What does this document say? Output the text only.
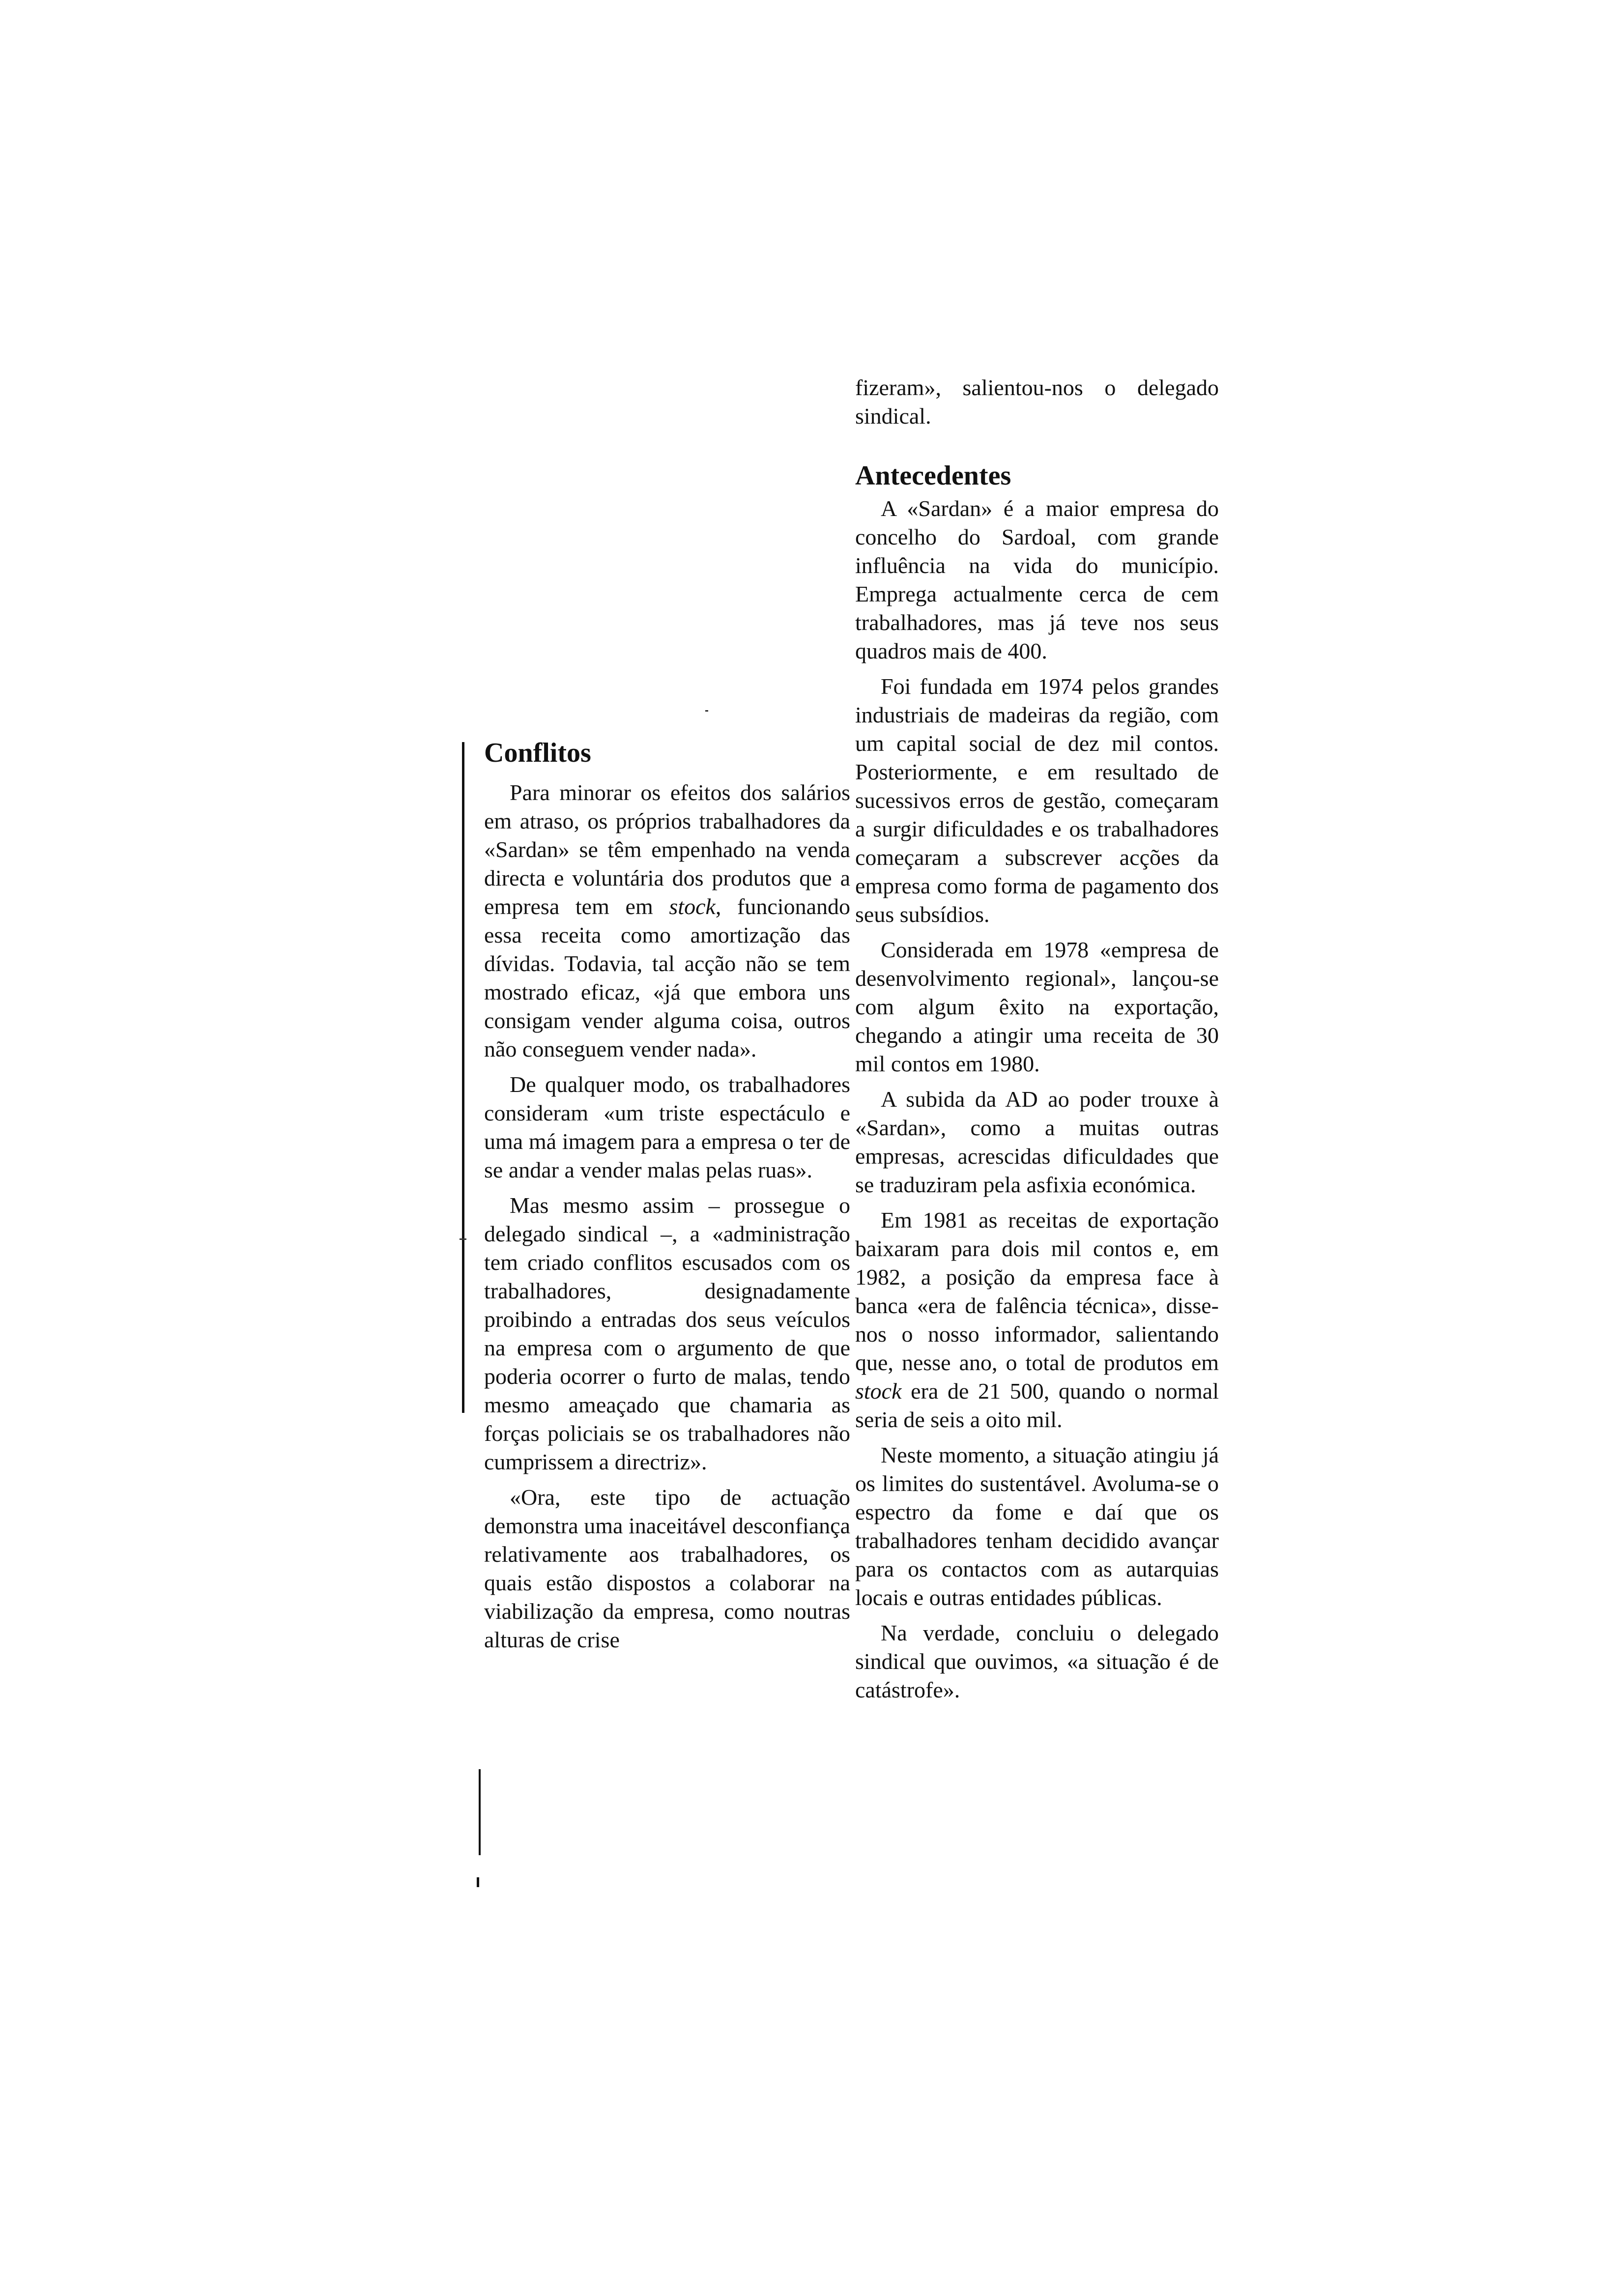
Conflitos

Para minorar os efeitos dos salários em atraso, os próprios trabalhadores da «Sardan» se têm empenhado na venda directa e voluntária dos produtos que a empresa tem em stock, funcionando essa receita como amortização das dívidas. Todavia, tal acção não se tem mostrado eficaz, «já que embora uns consigam vender alguma coisa, outros não conseguem vender nada».

De qualquer modo, os trabalhadores consideram «um triste espectáculo e uma má imagem para a empresa o ter de se andar a vender malas pelas ruas».

Mas mesmo assim – prossegue o delegado sindical –, a «administração tem criado conflitos escusados com os trabalhadores, designadamente proibindo a entradas dos seus veículos na empresa com o argumento de que poderia ocorrer o furto de malas, tendo mesmo ameaçado que chamaria as forças policiais se os trabalhadores não cumprissem a directriz».

«Ora, este tipo de actuação demonstra uma inaceitável desconfiança relativamente aos trabalhadores, os quais estão dispostos a colaborar na viabilização da empresa, como noutras alturas de crise

fizeram», salientou-nos o delegado sindical.

Antecedentes

A «Sardan» é a maior empresa do concelho do Sardoal, com grande influência na vida do município. Emprega actualmente cerca de cem trabalhadores, mas já teve nos seus quadros mais de 400.

Foi fundada em 1974 pelos grandes industriais de madeiras da região, com um capital social de dez mil contos. Posteriormente, e em resultado de sucessivos erros de gestão, começaram a surgir dificuldades e os trabalhadores começaram a subscrever acções da empresa como forma de pagamento dos seus subsídios.

Considerada em 1978 «empresa de desenvolvimento regional», lançou-se com algum êxito na exportação, chegando a atingir uma receita de 30 mil contos em 1980.

A subida da AD ao poder trouxe à «Sardan», como a muitas outras empresas, acrescidas dificuldades que se traduziram pela asfixia económica.

Em 1981 as receitas de exportação baixaram para dois mil contos e, em 1982, a posição da empresa face à banca «era de falência técnica», disse-nos o nosso informador, salientando que, nesse ano, o total de produtos em stock era de 21 500, quando o normal seria de seis a oito mil.

Neste momento, a situação atingiu já os limites do sustentável. Avoluma-se o espectro da fome e daí que os trabalhadores tenham decidido avançar para os contactos com as autarquias locais e outras entidades públicas.

Na verdade, concluiu o delegado sindical que ouvimos, «a situação é de catástrofe».
